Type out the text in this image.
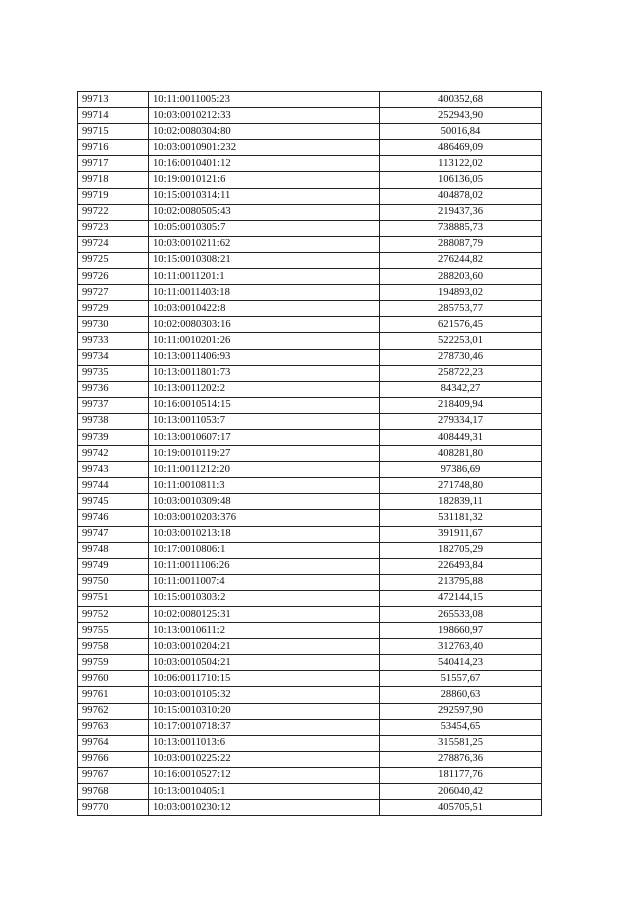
99713	10:11:0011005:23	400352,68
99714	10:03:0010212:33	252943,90
99715	10:02:0080304:80	50016,84
99716	10:03:0010901:232	486469,09
99717	10:16:0010401:12	113122,02
99718	10:19:0010121:6	106136,05
99719	10:15:0010314:11	404878,02
99722	10:02:0080505:43	219437,36
99723	10:05:0010305:7	738885,73
99724	10:03:0010211:62	288087,79
99725	10:15:0010308:21	276244,82
99726	10:11:0011201:1	288203,60
99727	10:11:0011403:18	194893,02
99729	10:03:0010422:8	285753,77
99730	10:02:0080303:16	621576,45
99733	10:11:0010201:26	522253,01
99734	10:13:0011406:93	278730,46
99735	10:13:0011801:73	258722,23
99736	10:13:0011202:2	84342,27
99737	10:16:0010514:15	218409,94
99738	10:13:0011053:7	279334,17
99739	10:13:0010607:17	408449,31
99742	10:19:0010119:27	408281,80
99743	10:11:0011212:20	97386,69
99744	10:11:0010811:3	271748,80
99745	10:03:0010309:48	182839,11
99746	10:03:0010203:376	531181,32
99747	10:03:0010213:18	391911,67
99748	10:17:0010806:1	182705,29
99749	10:11:0011106:26	226493,84
99750	10:11:0011007:4	213795,88
99751	10:15:0010303:2	472144,15
99752	10:02:0080125:31	265533,08
99755	10:13:0010611:2	198660,97
99758	10:03:0010204:21	312763,40
99759	10:03:0010504:21	540414,23
99760	10:06:0011710:15	51557,67
99761	10:03:0010105:32	28860,63
99762	10:15:0010310:20	292597,90
99763	10:17:0010718:37	53454,65
99764	10:13:0011013:6	315581,25
99766	10:03:0010225:22	278876,36
99767	10:16:0010527:12	181177,76
99768	10:13:0010405:1	206040,42
99770	10:03:0010230:12	405705,51
